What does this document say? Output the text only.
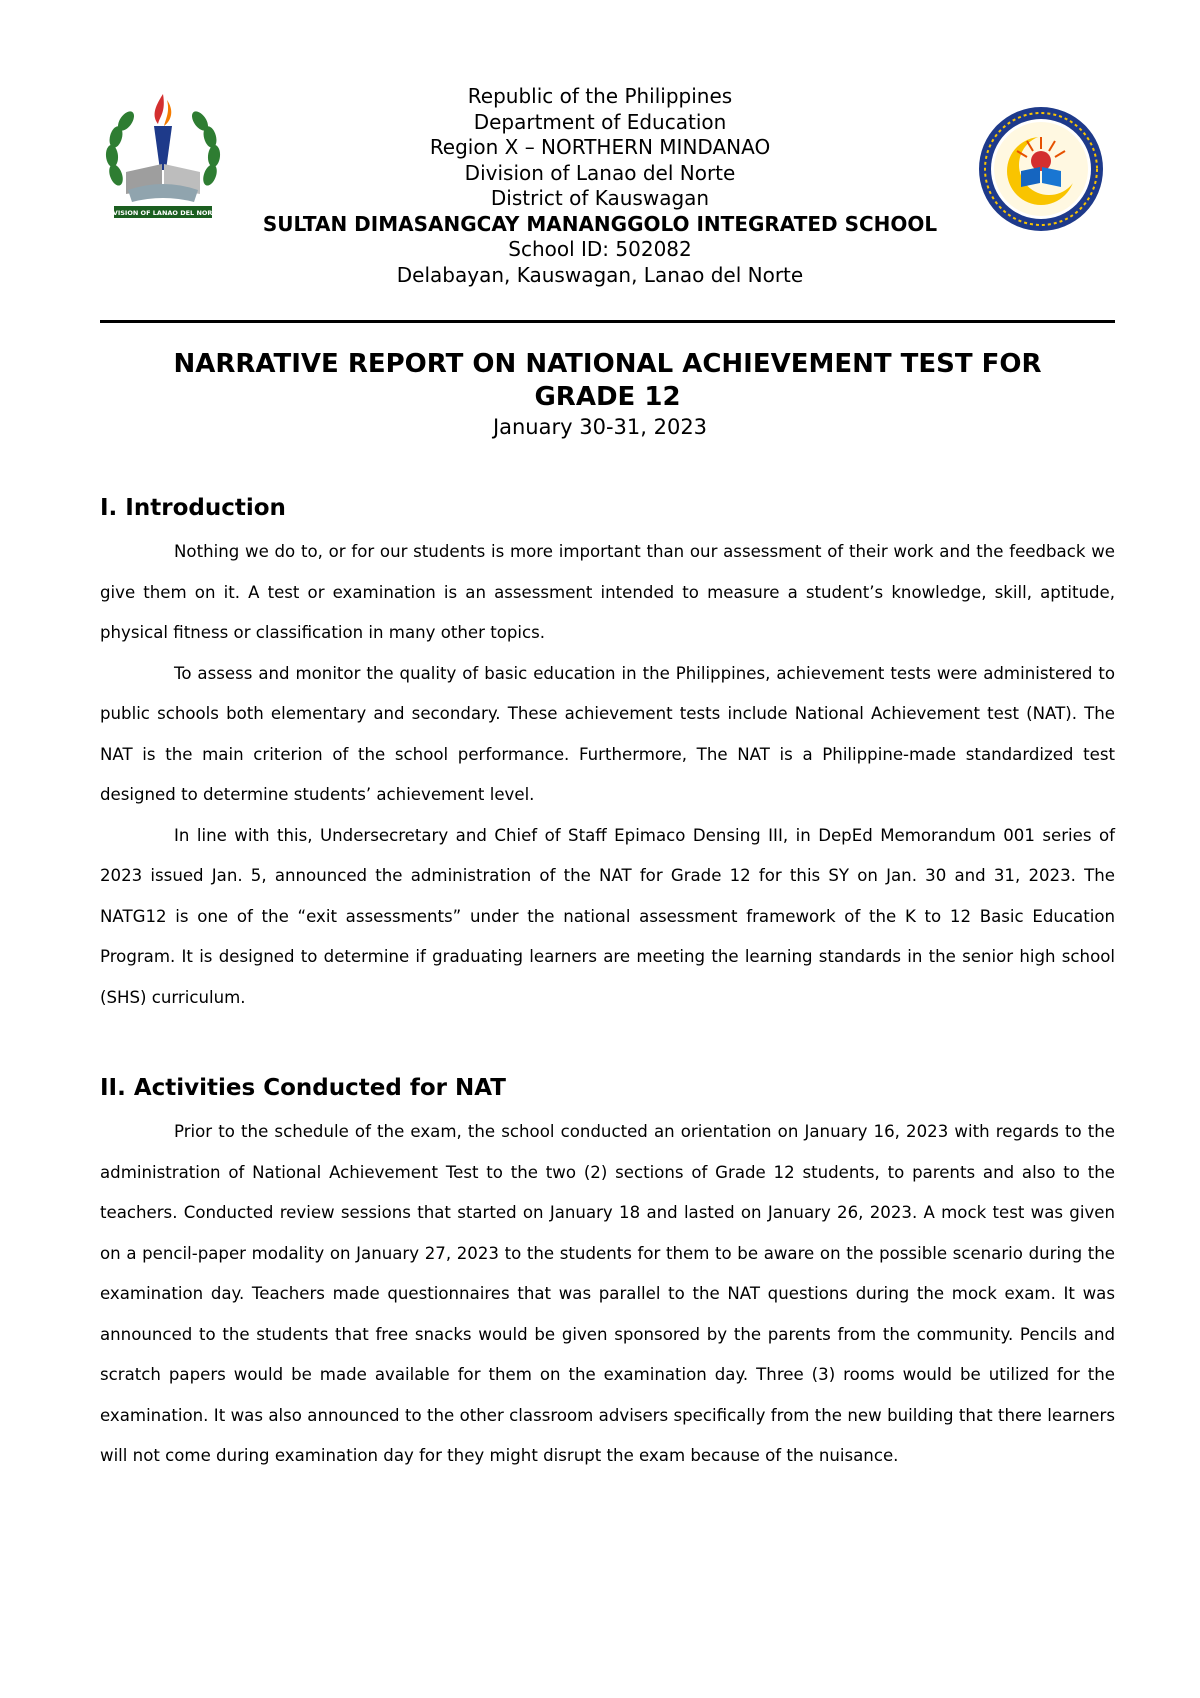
DIVISION OF LANAO DEL NORTE
Republic of the Philippines
Department of Education
Region X – NORTHERN MINDANAO
Division of Lanao del Norte
District of Kauswagan
SULTAN DIMASANGCAY MANANGGOLO INTEGRATED SCHOOL
School ID: 502082
Delabayan, Kauswagan, Lanao del Norte
NARRATIVE REPORT ON NATIONAL ACHIEVEMENT TEST FOR
GRADE 12
January 30-31, 2023
I. Introduction

Nothing we do to, or for our students is more important than our assessment of their work and the feedback we give them on it. A test or examination is an assessment intended to measure a student’s knowledge, skill, aptitude, physical fitness or classification in many other topics.

To assess and monitor the quality of basic education in the Philippines, achievement tests were administered to public schools both elementary and secondary. These achievement tests include National Achievement test (NAT). The NAT is the main criterion of the school performance. Furthermore, The NAT is a Philippine-made standardized test designed to determine students’ achievement level.

In line with this, Undersecretary and Chief of Staff Epimaco Densing III, in DepEd Memorandum 001 series of 2023 issued Jan. 5, announced the administration of the NAT for Grade 12 for this SY on Jan. 30 and 31, 2023. The NATG12 is one of the “exit assessments” under the national assessment framework of the K to 12 Basic Education Program. It is designed to determine if graduating learners are meeting the learning standards in the senior high school (SHS) curriculum.

II. Activities Conducted for NAT

Prior to the schedule of the exam, the school conducted an orientation on January 16, 2023 with regards to the administration of National Achievement Test to the two (2) sections of Grade 12 students, to parents and also to the teachers. Conducted review sessions that started on January 18 and lasted on January 26, 2023. A mock test was given on a pencil-paper modality on January 27, 2023 to the students for them to be aware on the possible scenario during the examination day. Teachers made questionnaires that was parallel to the NAT questions during the mock exam. It was announced to the students that free snacks would be given sponsored by the parents from the community. Pencils and scratch papers would be made available for them on the examination day. Three (3) rooms would be utilized for the examination. It was also announced to the other classroom advisers specifically from the new building that there learners will not come during examination day for they might disrupt the exam because of the nuisance.
